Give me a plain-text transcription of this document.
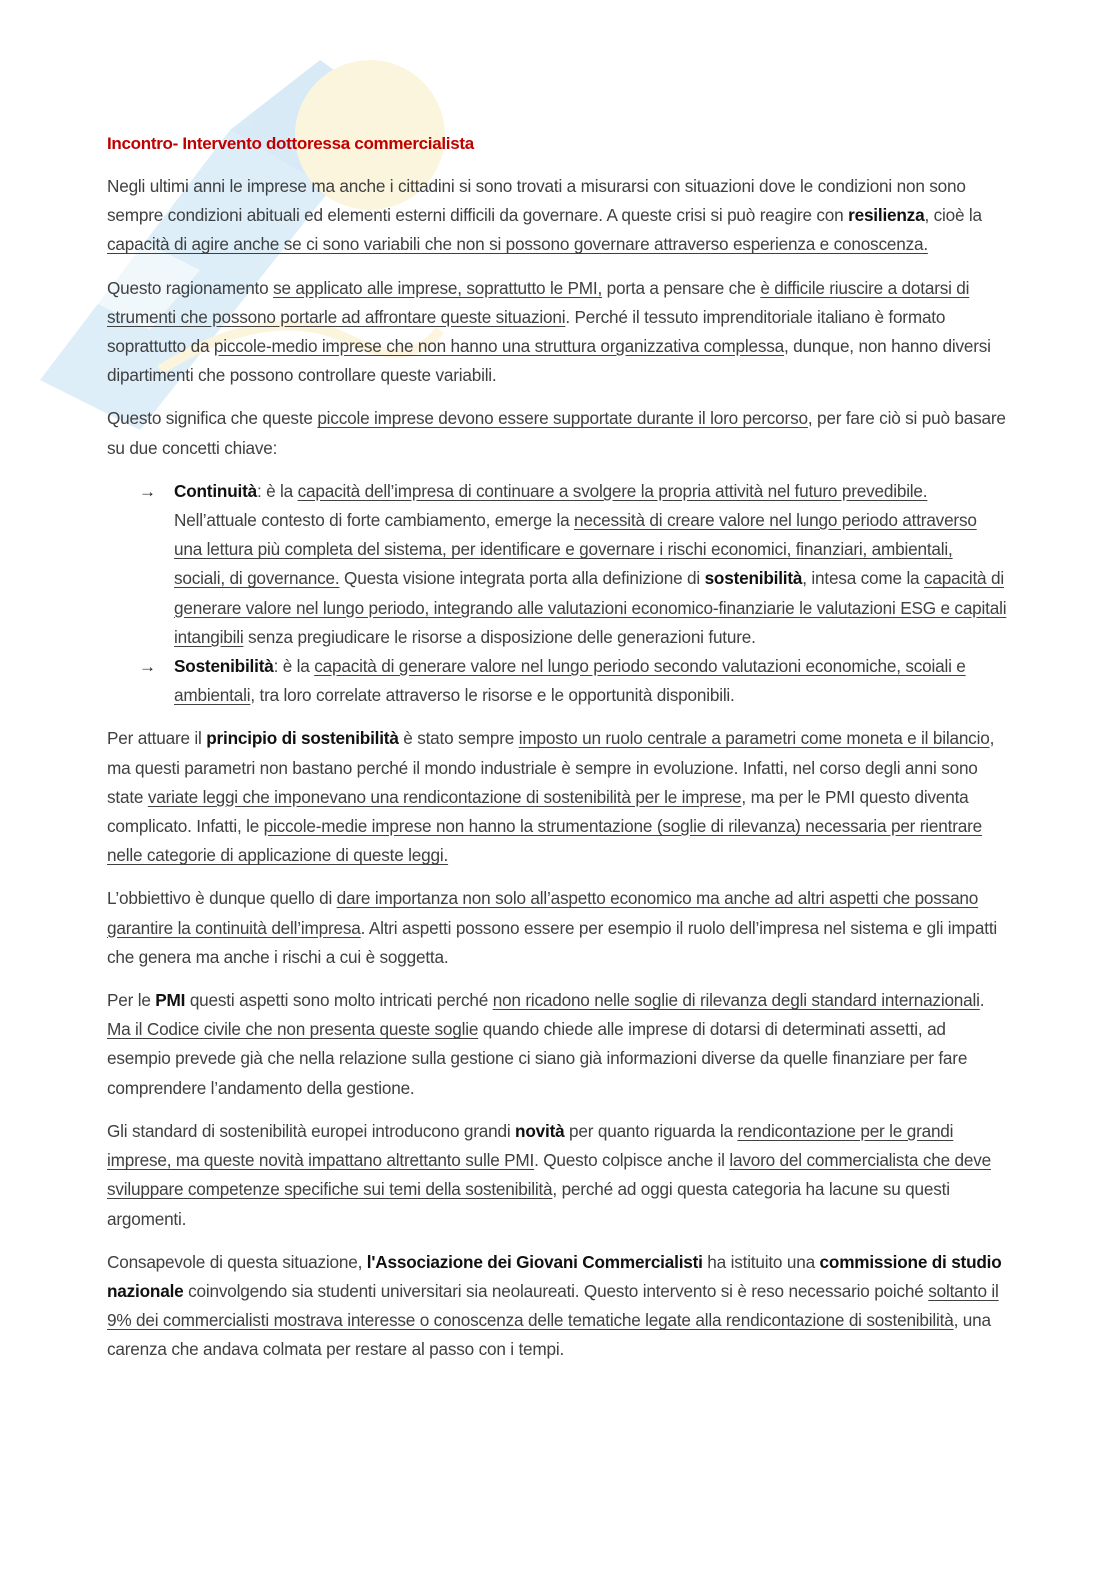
Incontro- Intervento dottoressa commercialista

Negli ultimi anni le imprese ma anche i cittadini si sono trovati a misurarsi con situazioni dove le condizioni non sono sempre condizioni abituali ed elementi esterni difficili da governare. A queste crisi si può reagire con resilienza, cioè la capacità di agire anche se ci sono variabili che non si possono governare attraverso esperienza e conoscenza.

Questo ragionamento se applicato alle imprese, soprattutto le PMI, porta a pensare che è difficile riuscire a dotarsi di strumenti che possono portarle ad affrontare queste situazioni. Perché il tessuto imprenditoriale italiano è formato soprattutto da piccole-medio imprese che non hanno una struttura organizzativa complessa, dunque, non hanno diversi dipartimenti che possono controllare queste variabili.

Questo significa che queste piccole imprese devono essere supportate durante il loro percorso, per fare ciò si può basare su due concetti chiave:

→ Continuità: è la capacità dell’impresa di continuare a svolgere la propria attività nel futuro prevedibile. Nell’attuale contesto di forte cambiamento, emerge la necessità di creare valore nel lungo periodo attraverso una lettura più completa del sistema, per identificare e governare i rischi economici, finanziari, ambientali, sociali, di governance. Questa visione integrata porta alla definizione di sostenibilità, intesa come la capacità di generare valore nel lungo periodo, integrando alle valutazioni economico-finanziarie le valutazioni ESG e capitali intangibili senza pregiudicare le risorse a disposizione delle generazioni future.
→ Sostenibilità: è la capacità di generare valore nel lungo periodo secondo valutazioni economiche, scoiali e ambientali, tra loro correlate attraverso le risorse e le opportunità disponibili.

Per attuare il principio di sostenibilità è stato sempre imposto un ruolo centrale a parametri come moneta e il bilancio, ma questi parametri non bastano perché il mondo industriale è sempre in evoluzione. Infatti, nel corso degli anni sono state variate leggi che imponevano una rendicontazione di sostenibilità per le imprese, ma per le PMI questo diventa complicato. Infatti, le piccole-medie imprese non hanno la strumentazione (soglie di rilevanza) necessaria per rientrare nelle categorie di applicazione di queste leggi.

L’obbiettivo è dunque quello di dare importanza non solo all’aspetto economico ma anche ad altri aspetti che possano garantire la continuità dell’impresa. Altri aspetti possono essere per esempio il ruolo dell’impresa nel sistema e gli impatti che genera ma anche i rischi a cui è soggetta.

Per le PMI questi aspetti sono molto intricati perché non ricadono nelle soglie di rilevanza degli standard internazionali. Ma il Codice civile che non presenta queste soglie quando chiede alle imprese di dotarsi di determinati assetti, ad esempio prevede già che nella relazione sulla gestione ci siano già informazioni diverse da quelle finanziare per fare comprendere l’andamento della gestione.

Gli standard di sostenibilità europei introducono grandi novità per quanto riguarda la rendicontazione per le grandi imprese, ma queste novità impattano altrettanto sulle PMI. Questo colpisce anche il lavoro del commercialista che deve sviluppare competenze specifiche sui temi della sostenibilità, perché ad oggi questa categoria ha lacune su questi argomenti.

Consapevole di questa situazione, l'Associazione dei Giovani Commercialisti ha istituito una commissione di studio nazionale coinvolgendo sia studenti universitari sia neolaureati. Questo intervento si è reso necessario poiché soltanto il 9% dei commercialisti mostrava interesse o conoscenza delle tematiche legate alla rendicontazione di sostenibilità, una carenza che andava colmata per restare al passo con i tempi.
